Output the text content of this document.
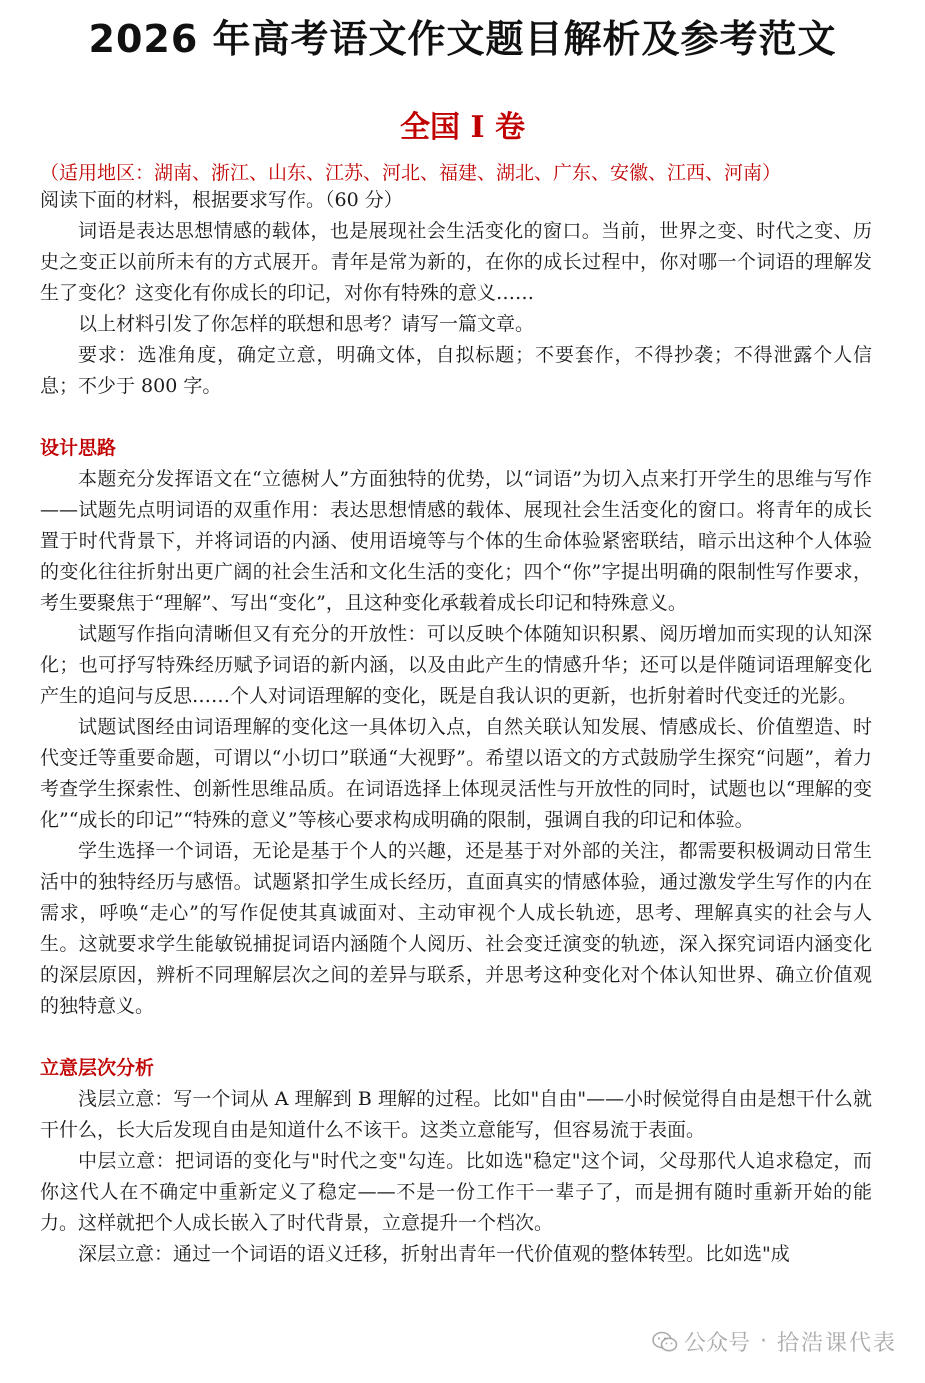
2026 年高考语文作文题目解析及参考范文
全国 I 卷
（适用地区：湖南、浙江、山东、江苏、河北、福建、湖北、广东、安徽、江西、河南）

阅读下面的材料，根据要求写作。（60 分）

词语是表达思想情感的载体，也是展现社会生活变化的窗口。当前，世界之变、时代之变、历史之变正以前所未有的方式展开。青年是常为新的，在你的成长过程中，你对哪一个词语的理解发生了变化？这变化有你成长的印记，对你有特殊的意义……

以上材料引发了你怎样的联想和思考？请写一篇文章。

要求：选准角度，确定立意，明确文体，自拟标题；不要套作，不得抄袭；不得泄露个人信息；不少于 800 字。

设计思路

本题充分发挥语文在“立德树人”方面独特的优势，以“词语”为切入点来打开学生的思维与写作——试题先点明词语的双重作用：表达思想情感的载体、展现社会生活变化的窗口。将青年的成长置于时代背景下，并将词语的内涵、使用语境等与个体的生命体验紧密联结，暗示出这种个人体验的变化往往折射出更广阔的社会生活和文化生活的变化；四个“你”字提出明确的限制性写作要求，考生要聚焦于“理解”、写出“变化”，且这种变化承载着成长印记和特殊意义。

试题写作指向清晰但又有充分的开放性：可以反映个体随知识积累、阅历增加而实现的认知深化；也可抒写特殊经历赋予词语的新内涵，以及由此产生的情感升华；还可以是伴随词语理解变化产生的追问与反思……个人对词语理解的变化，既是自我认识的更新，也折射着时代变迁的光影。

试题试图经由词语理解的变化这一具体切入点，自然关联认知发展、情感成长、价值塑造、时代变迁等重要命题，可谓以“小切口”联通“大视野”。希望以语文的方式鼓励学生探究“问题”，着力考查学生探索性、创新性思维品质。在词语选择上体现灵活性与开放性的同时，试题也以“理解的变化”“成长的印记”“特殊的意义”等核心要求构成明确的限制，强调自我的印记和体验。

学生选择一个词语，无论是基于个人的兴趣，还是基于对外部的关注，都需要积极调动日常生活中的独特经历与感悟。试题紧扣学生成长经历，直面真实的情感体验，通过激发学生写作的内在需求，呼唤“走心”的写作促使其真诚面对、主动审视个人成长轨迹，思考、理解真实的社会与人生。这就要求学生能敏锐捕捉词语内涵随个人阅历、社会变迁演变的轨迹，深入探究词语内涵变化的深层原因，辨析不同理解层次之间的差异与联系，并思考这种变化对个体认知世界、确立价值观的独特意义。

立意层次分析

浅层立意：写一个词从 A 理解到 B 理解的过程。比如"自由"——小时候觉得自由是想干什么就干什么，长大后发现自由是知道什么不该干。这类立意能写，但容易流于表面。

中层立意：把词语的变化与"时代之变"勾连。比如选"稳定"这个词，父母那代人追求稳定，而你这代人在不确定中重新定义了稳定——不是一份工作干一辈子了，而是拥有随时重新开始的能力。这样就把个人成长嵌入了时代背景，立意提升一个档次。

深层立意：通过一个词语的语义迁移，折射出青年一代价值观的整体转型。比如选"成

公众号 · 拾浩课代表
